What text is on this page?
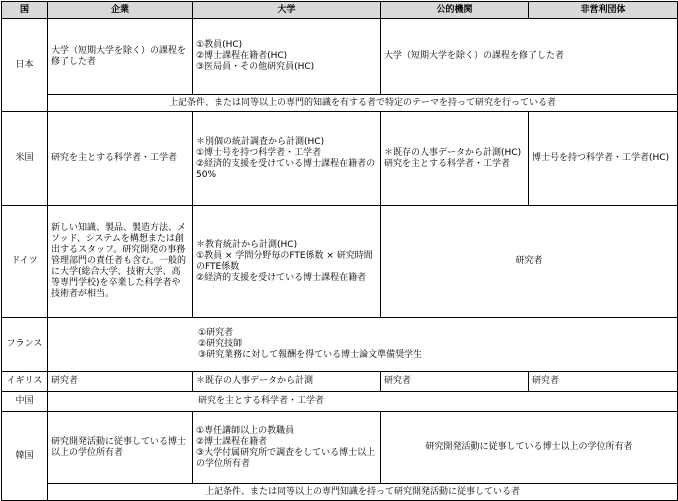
国	企業	大学	公的機関	非営利団体
日本	大学（短期大学を除く）の課程を修了した者	①教員(HC)
②博士課程在籍者(HC)
③医局員・その他研究員(HC)	大学（短期大学を除く）の課程を修了した者	

	上記条件、または同等以上の専門的知識を有する者で特定のテーマを持って研究を行っている者			
米国	研究を主とする科学者・工学者	＊別個の統計調査から計測(HC)
①博士号を持つ科学者・工学者
②経済的支援を受けている博士課程在籍者の50%	＊既存の人事データから計測(HC)
研究を主とする科学者・工学者	博士号を持つ科学者・工学者(HC)

ドイツ	新しい知識、製品、製造方法、メソッド、システムを構想または創出するスタッフ。研究開発の事務管理部門の責任者も含む。一般的に大学(総合大学、技術大学、高等専門学校)を卒業した科学者や技術者が相当。	＊教育統計から計測(HC)
①教員 × 学問分野毎のFTE係数 × 研究時間のFTE係数
②経済的支援を受けている博士課程在籍者	研究者	
フランス	①研究者
②研究技師
③研究業務に対して報酬を得ている博士論文準備奨学生			

イギリス	研究者	＊既存の人事データから計測	研究者	研究者
中国	研究を主とする科学者・工学者			
韓国	研究開発活動に従事している博士以上の学位所有者	①専任講師以上の教職員
②博士課程在籍者
③大学付属研究所で調査をしている博士以上の学位所有者	研究開発活動に従事している博士以上の学位所有者	
	上記条件、または同等以上の専門知識を持って研究開発活動に従事している者			
